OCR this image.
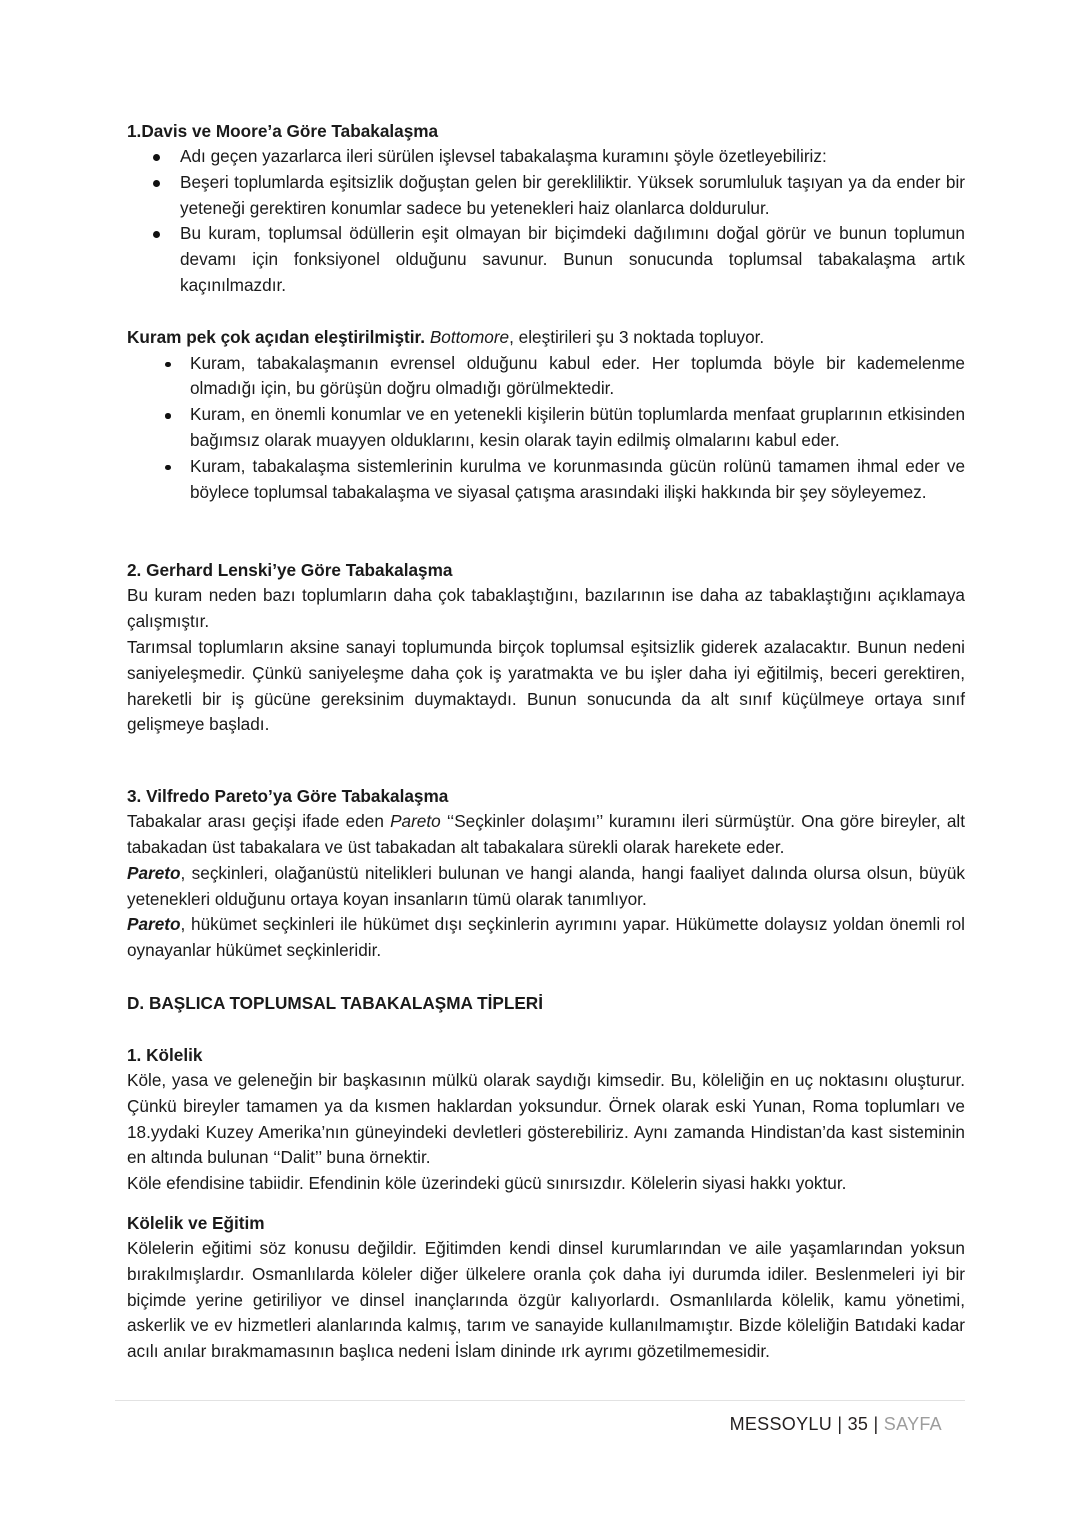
1.Davis ve Moore’a Göre Tabakalaşma
Adı geçen yazarlarca ileri sürülen işlevsel tabakalaşma kuramını şöyle özetleyebiliriz:
Beşeri toplumlarda eşitsizlik doğuştan gelen bir gerekliliktir. Yüksek sorumluluk taşıyan ya da ender bir yeteneği gerektiren konumlar sadece bu yetenekleri haiz olanlarca doldurulur.
Bu kuram, toplumsal ödüllerin eşit olmayan bir biçimdeki dağılımını doğal görür ve bunun toplumun devamı için fonksiyonel olduğunu savunur. Bunun sonucunda toplumsal tabakalaşma artık kaçınılmazdır.

Kuram pek çok açıdan eleştirilmiştir. Bottomore, eleştirileri şu 3 noktada topluyor.

Kuram, tabakalaşmanın evrensel olduğunu kabul eder. Her toplumda böyle bir kademelenme olmadığı için, bu görüşün doğru olmadığı görülmektedir.
Kuram, en önemli konumlar ve en yetenekli kişilerin bütün toplumlarda menfaat gruplarının etkisinden bağımsız olarak muayyen olduklarını, kesin olarak tayin edilmiş olmalarını kabul eder.
Kuram, tabakalaşma sistemlerinin kurulma ve korunmasında gücün rolünü tamamen ihmal eder ve böylece toplumsal tabakalaşma ve siyasal çatışma arasındaki ilişki hakkında bir şey söyleyemez.
2. Gerhard Lenski’ye Göre Tabakalaşma

Bu kuram neden bazı toplumların daha çok tabaklaştığını, bazılarının ise daha az tabaklaştığını açıklamaya çalışmıştır.

Tarımsal toplumların aksine sanayi toplumunda birçok toplumsal eşitsizlik giderek azalacaktır. Bunun nedeni saniyeleşmedir. Çünkü saniyeleşme daha çok iş yaratmakta ve bu işler daha iyi eğitilmiş, beceri gerektiren, hareketli bir iş gücüne gereksinim duymaktaydı. Bunun sonucunda da alt sınıf küçülmeye ortaya sınıf gelişmeye başladı.

3. Vilfredo Pareto’ya Göre Tabakalaşma

Tabakalar arası geçişi ifade eden Pareto ‘‘Seçkinler dolaşımı’’ kuramını ileri sürmüştür. Ona göre bireyler, alt tabakadan üst tabakalara ve üst tabakadan alt tabakalara sürekli olarak harekete eder.

Pareto, seçkinleri, olağanüstü nitelikleri bulunan ve hangi alanda, hangi faaliyet dalında olursa olsun, büyük yetenekleri olduğunu ortaya koyan insanların tümü olarak tanımlıyor.

Pareto, hükümet seçkinleri ile hükümet dışı seçkinlerin ayrımını yapar. Hükümette dolaysız yoldan önemli rol oynayanlar hükümet seçkinleridir.

D. BAŞLICA TOPLUMSAL TABAKALAŞMA TİPLERİ
1. Kölelik

Köle, yasa ve geleneğin bir başkasının mülkü olarak saydığı kimsedir. Bu, köleliğin en uç noktasını oluşturur. Çünkü bireyler tamamen ya da kısmen haklardan yoksundur. Örnek olarak eski Yunan, Roma toplumları ve 18.yydaki Kuzey Amerika’nın güneyindeki devletleri gösterebiliriz. Aynı zamanda Hindistan’da kast sisteminin en altında bulunan ‘‘Dalit’’ buna örnektir.

Köle efendisine tabiidir. Efendinin köle üzerindeki gücü sınırsızdır. Kölelerin siyasi hakkı yoktur.

Kölelik ve Eğitim

Kölelerin eğitimi söz konusu değildir. Eğitimden kendi dinsel kurumlarından ve aile yaşamlarından yoksun bırakılmışlardır. Osmanlılarda köleler diğer ülkelere oranla çok daha iyi durumda idiler. Beslenmeleri iyi bir biçimde yerine getiriliyor ve dinsel inançlarında özgür kalıyorlardı. Osmanlılarda kölelik, kamu yönetimi, askerlik ve ev hizmetleri alanlarında kalmış, tarım ve sanayide kullanılmamıştır. Bizde köleliğin Batıdaki kadar acılı anılar bırakmamasının başlıca nedeni İslam dininde ırk ayrımı gözetilmemesidir.

MESSOYLU | 35 | SAYFA
